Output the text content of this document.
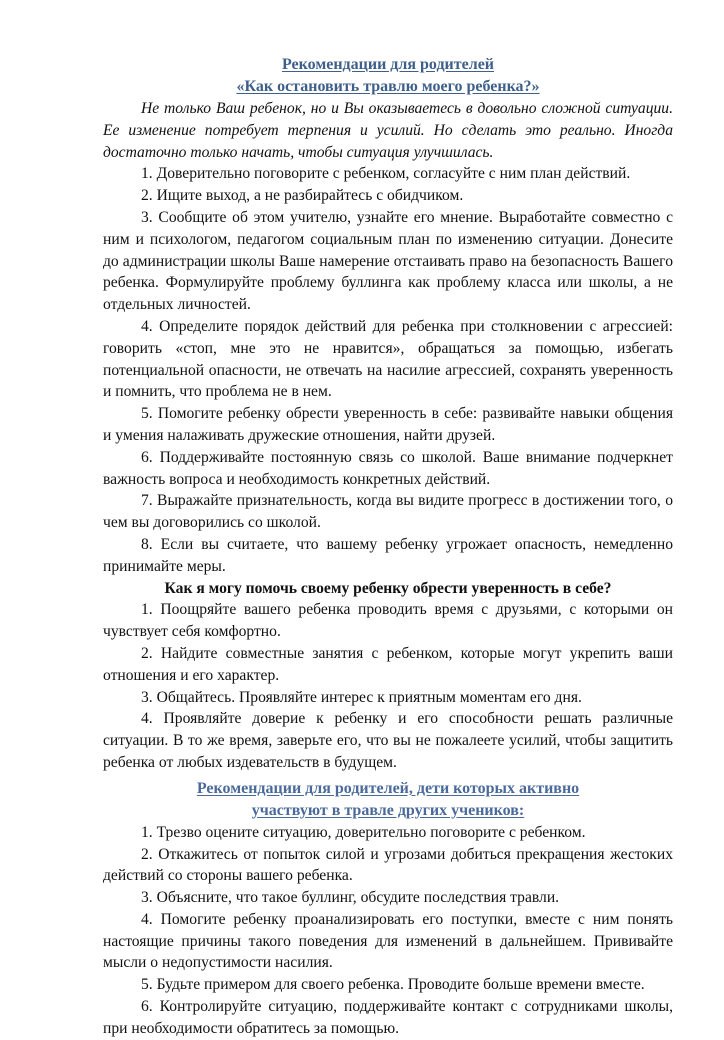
Рекомендации для родителей

«Как остановить травлю моего ребенка?»

Не только Ваш ребенок, но и Вы оказываетесь в довольно сложной ситуации. Ее изменение потребует терпения и усилий. Но сделать это реально. Иногда достаточно только начать, чтобы ситуация улучшилась.

1. Доверительно поговорите с ребенком, согласуйте с ним план действий.

2. Ищите выход, а не разбирайтесь с обидчиком.

3. Сообщите об этом учителю, узнайте его мнение. Выработайте совместно с ним и психологом, педагогом социальным план по изменению ситуации. Донесите до администрации школы Ваше намерение отстаивать право на безопасность Вашего ребенка. Формулируйте проблему буллинга как проблему класса или школы, а не отдельных личностей.

4. Определите порядок действий для ребенка при столкновении с агрессией: говорить «стоп, мне это не нравится», обращаться за помощью, избегать потенциальной опасности, не отвечать на насилие агрессией, сохранять уверенность и помнить, что проблема не в нем.

5. Помогите ребенку обрести уверенность в себе: развивайте навыки общения и умения налаживать дружеские отношения, найти друзей.

6. Поддерживайте постоянную связь со школой. Ваше внимание подчеркнет важность вопроса и необходимость конкретных действий.

7. Выражайте признательность, когда вы видите прогресс в достижении того, о чем вы договорились со школой.

8. Если вы считаете, что вашему ребенку угрожает опасность, немедленно принимайте меры.

Как я могу помочь своему ребенку обрести уверенность в себе?

1. Поощряйте вашего ребенка проводить время с друзьями, с которыми он чувствует себя комфортно.

2. Найдите совместные занятия с ребенком, которые могут укрепить ваши отношения и его характер.

3. Общайтесь. Проявляйте интерес к приятным моментам его дня.

4. Проявляйте доверие к ребенку и его способности решать различные ситуации. В то же время, заверьте его, что вы не пожалеете усилий, чтобы защитить ребенка от любых издевательств в будущем.

Рекомендации для родителей, дети которых активно

участвуют в травле других учеников:

1. Трезво оцените ситуацию, доверительно поговорите с ребенком.

2. Откажитесь от попыток силой и угрозами добиться прекращения жестоких действий со стороны вашего ребенка.

3. Объясните, что такое буллинг, обсудите последствия травли.

4. Помогите ребенку проанализировать его поступки, вместе с ним понять настоящие причины такого поведения для изменений в дальнейшем. Прививайте мысли о недопустимости насилия.

5. Будьте примером для своего ребенка. Проводите больше времени вместе.

6. Контролируйте ситуацию, поддерживайте контакт с сотрудниками школы, при необходимости обратитесь за помощью.
